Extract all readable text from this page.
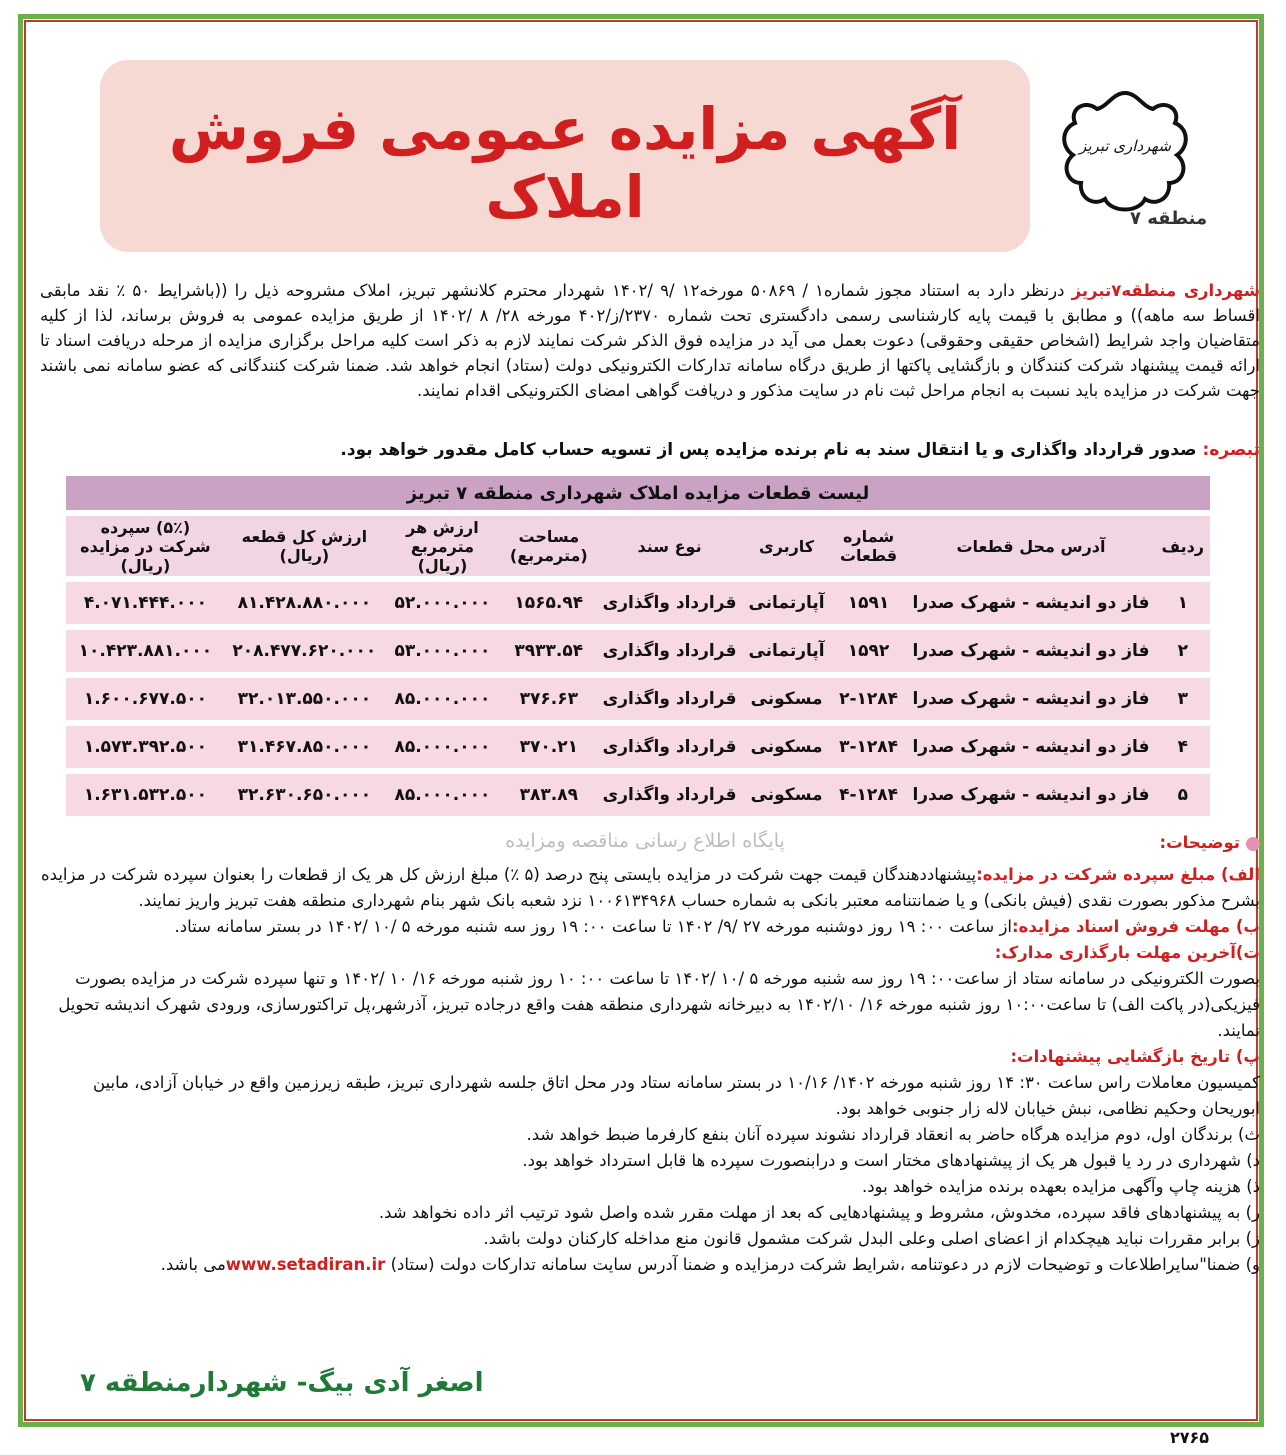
آگهی مزایده عمومی فروش املاک
شهرداری تبریز
منطقه ۷
شهرداری منطقه۷تبریز درنظر دارد به استناد مجوز شماره۱ / ۵۰۸۶۹ مورخه۱۲ /۹ /۱۴۰۲ شهردار محترم کلانشهر تبریز، املاک مشروحه ذیل را ((باشرایط ۵۰ ٪ نقد مابقی اقساط سه ماهه)) و مطابق با قیمت پایه کارشناسی رسمی دادگستری تحت شماره ۲۳۷۰/ز/۴۰۲ مورخه ۲۸/ ۸ /۱۴۰۲ از طریق مزایده عمومی به فروش برساند، لذا از کلیه متقاضیان واجد شرایط (اشخاص حقیقی وحقوقی) دعوت بعمل می آید در مزایده فوق الذکر شرکت نمایند لازم به ذکر است کلیه مراحل برگزاری مزایده از مرحله دریافت اسناد تا ارائه قیمت پیشنهاد شرکت کنندگان و بازگشایی پاکتها از طریق درگاه سامانه تدارکات الکترونیکی دولت (ستاد) انجام خواهد شد. ضمنا شرکت کنندگانی که عضو سامانه نمی باشند جهت شرکت در مزایده باید نسبت به انجام مراحل ثبت نام در سایت مذکور و دریافت گواهی امضای الکترونیکی اقدام نمایند.
تبصره: صدور قرارداد واگذاری و یا انتقال سند به نام برنده مزایده پس از تسویه حساب کامل مقدور خواهد بود.
لیست قطعات مزایده املاک شهرداری منطقه ۷ تبریز								
ردیف	آدرس محل قطعات	شماره قطعات	کاربری	نوع سند	مساحت (مترمربع)	ارزش هر مترمربع (ریال)	ارزش کل قطعه (ریال)	(۵٪) سپرده شرکت در مزایده (ریال)
۱	فاز دو اندیشه - شهرک صدرا	۱۵۹۱	آپارتمانی	قرارداد واگذاری	۱۵۶۵.۹۴	۵۲.۰۰۰.۰۰۰	۸۱.۴۲۸.۸۸۰.۰۰۰	۴.۰۷۱.۴۴۴.۰۰۰
۲	فاز دو اندیشه - شهرک صدرا	۱۵۹۲	آپارتمانی	قرارداد واگذاری	۳۹۳۳.۵۴	۵۳.۰۰۰.۰۰۰	۲۰۸.۴۷۷.۶۲۰.۰۰۰	۱۰.۴۲۳.۸۸۱.۰۰۰
۳	فاز دو اندیشه - شهرک صدرا	۲-۱۲۸۴	مسکونی	قرارداد واگذاری	۳۷۶.۶۳	۸۵.۰۰۰.۰۰۰	۳۲.۰۱۳.۵۵۰.۰۰۰	۱.۶۰۰.۶۷۷.۵۰۰
۴	فاز دو اندیشه - شهرک صدرا	۳-۱۲۸۴	مسکونی	قرارداد واگذاری	۳۷۰.۲۱	۸۵.۰۰۰.۰۰۰	۳۱.۴۶۷.۸۵۰.۰۰۰	۱.۵۷۳.۳۹۲.۵۰۰
۵	فاز دو اندیشه - شهرک صدرا	۴-۱۲۸۴	مسکونی	قرارداد واگذاری	۳۸۳.۸۹	۸۵.۰۰۰.۰۰۰	۳۲.۶۳۰.۶۵۰.۰۰۰	۱.۶۳۱.۵۳۲.۵۰۰
پایگاه اطلاع رسانی مناقصه ومزایده	توضیحات:

الف) مبلغ سپرده شرکت در مزایده:پیشنهاددهندگان قیمت جهت شرکت در مزایده بایستی پنج درصد (۵ ٪) مبلغ ارزش کل هر یک از قطعات را بعنوان سپرده شرکت در مزایده بشرح مذکور بصورت نقدی (فیش بانکی) و یا ضمانتنامه معتبر بانکی به شماره حساب ۱۰۰۶۱۳۴۹۶۸ نزد شعبه بانک شهر بنام شهرداری منطقه هفت تبریز واریز نمایند.

ب) مهلت فروش اسناد مزایده:از ساعت ۰۰: ۱۹ روز دوشنبه مورخه ۲۷ /۹/ ۱۴۰۲ تا ساعت ۰۰: ۱۹ روز سه شنبه مورخه ۵ /۱۰ /۱۴۰۲ در بستر سامانه ستاد.

ت)آخرین مهلت بارگذاری مدارک:

بصورت الکترونیکی در سامانه ستاد از ساعت۰۰: ۱۹ روز سه شنبه مورخه ۵ /۱۰ /۱۴۰۲ تا ساعت ۰۰: ۱۰ روز شنبه مورخه ۱۶/ ۱۰ /۱۴۰۲ و تنها سپرده شرکت در مزایده بصورت فیزیکی(در پاکت الف) تا ساعت۱۰:۰۰ روز شنبه مورخه ۱۶/ ۱۴۰۲/۱۰ به دبیرخانه شهرداری منطقه هفت واقع درجاده تبریز، آذرشهر،پل تراکتورسازی، ورودی شهرک اندیشه تحویل نمایند.

پ) تاریخ بازگشایی پیشنهادات:

کمیسیون معاملات راس ساعت ۳۰: ۱۴ روز شنبه مورخه ۱۴۰۲/ ۱۰/۱۶ در بستر سامانه ستاد ودر محل اتاق جلسه شهرداری تبریز، طبقه زیرزمین واقع در خیابان آزادی، مابین ابوریحان وحکیم نظامی، نبش خیابان لاله زار جنوبی خواهد بود.

ث) برندگان اول، دوم مزایده هرگاه حاضر به انعقاد قرارداد نشوند سپرده آنان بنفع کارفرما ضبط خواهد شد.

د) شهرداری در رد یا قبول هر یک از پیشنهادهای مختار است و درابنصورت سپرده ها قابل استرداد خواهد بود.

ذ) هزینه چاپ وآگهی مزایده بعهده برنده مزایده خواهد بود.

ر) به پیشنهادهای فاقد سپرده، مخدوش، مشروط و پیشنهادهایی که بعد از مهلت مقرر شده واصل شود ترتیب اثر داده نخواهد شد.

ز) برابر مقررات نباید هیچکدام از اعضای اصلی وعلی البدل شرکت مشمول قانون منع مداخله کارکنان دولت باشد.

و) ضمنا"سایراطلاعات و توضیحات لازم در دعوتنامه ،شرایط شرکت درمزایده و ضمنا آدرس سایت سامانه تدارکات دولت (ستاد) www.setadiran.irمی باشد.

اصغر آدی بیگ- شهردارمنطقه ۷
۲۷۶۵
